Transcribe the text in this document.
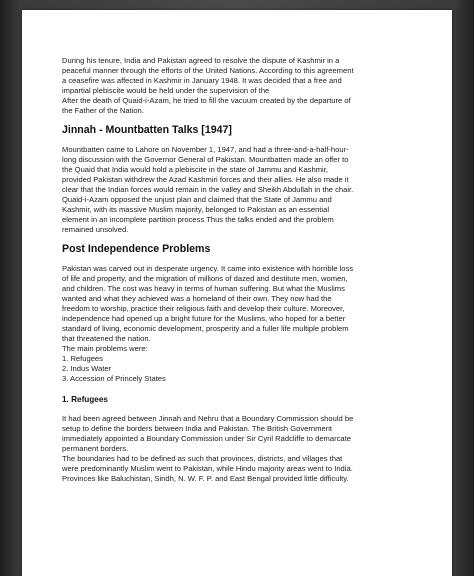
During his tenure, India and Pakistan agreed to resolve the dispute of Kashmir in a

peaceful manner through the efforts of the United Nations. According to this agreement

a ceasefire was affected in Kashmir in January 1948. It was decided that a free and

impartial plebiscite would be held under the supervision of the

After the death of Quaid-i-Azam, he tried to fill the vacuum created by the departure of

the Father of the Nation.

Jinnah - Mountbatten Talks [1947]

Mountbatten came to Lahore on November 1, 1947, and had a three-and-a-half-hour-

long discussion with the Governor General of Pakistan. Mountbatten made an offer to

the Quaid that India would hold a plebiscite in the state of Jammu and Kashmir,

provided Pakistan withdrew the Azad Kashmiri forces and their allies. He also made it

clear that the Indian forces would remain in the valley and Sheikh Abdullah in the chair.

Quaid-i-Azam opposed the unjust plan and claimed that the State of Jammu and

Kashmir, with its massive Muslim majority, belonged to Pakistan as an essential

element in an incomplete partition process Thus the talks ended and the problem

remained unsolved.

Post Independence Problems

Pakistan was carved out in desperate urgency. It came into existence with horrible loss

of life and property, and the migration of millions of dazed and destitute men, women,

and children. The cost was heavy in terms of human suffering. But what the Muslims

wanted and what they achieved was a homeland of their own. They now had the

freedom to worship, practice their religious faith and develop their culture. Moreover,

independence had opened up a bright future for the Muslims, who hoped for a better

standard of living, economic development, prosperity and a fuller life multiple problem

that threatened the nation.

The main problems were:

1. Refugees

2. Indus Water

3. Accession of Princely States

1. Refugees

It had been agreed between Jinnah and Nehru that a Boundary Commission should be

setup to define the borders between India and Pakistan. The British Government

immediately appointed a Boundary Commission under Sir Cyril Radcliffe to demarcate

permanent borders.

The boundaries had to be defined as such that provinces, districts, and villages that

were predominantly Muslim went to Pakistan, while Hindu majority areas went to India.

Provinces like Baluchistan, Sindh, N. W. F. P. and East Bengal provided little difficulty.
